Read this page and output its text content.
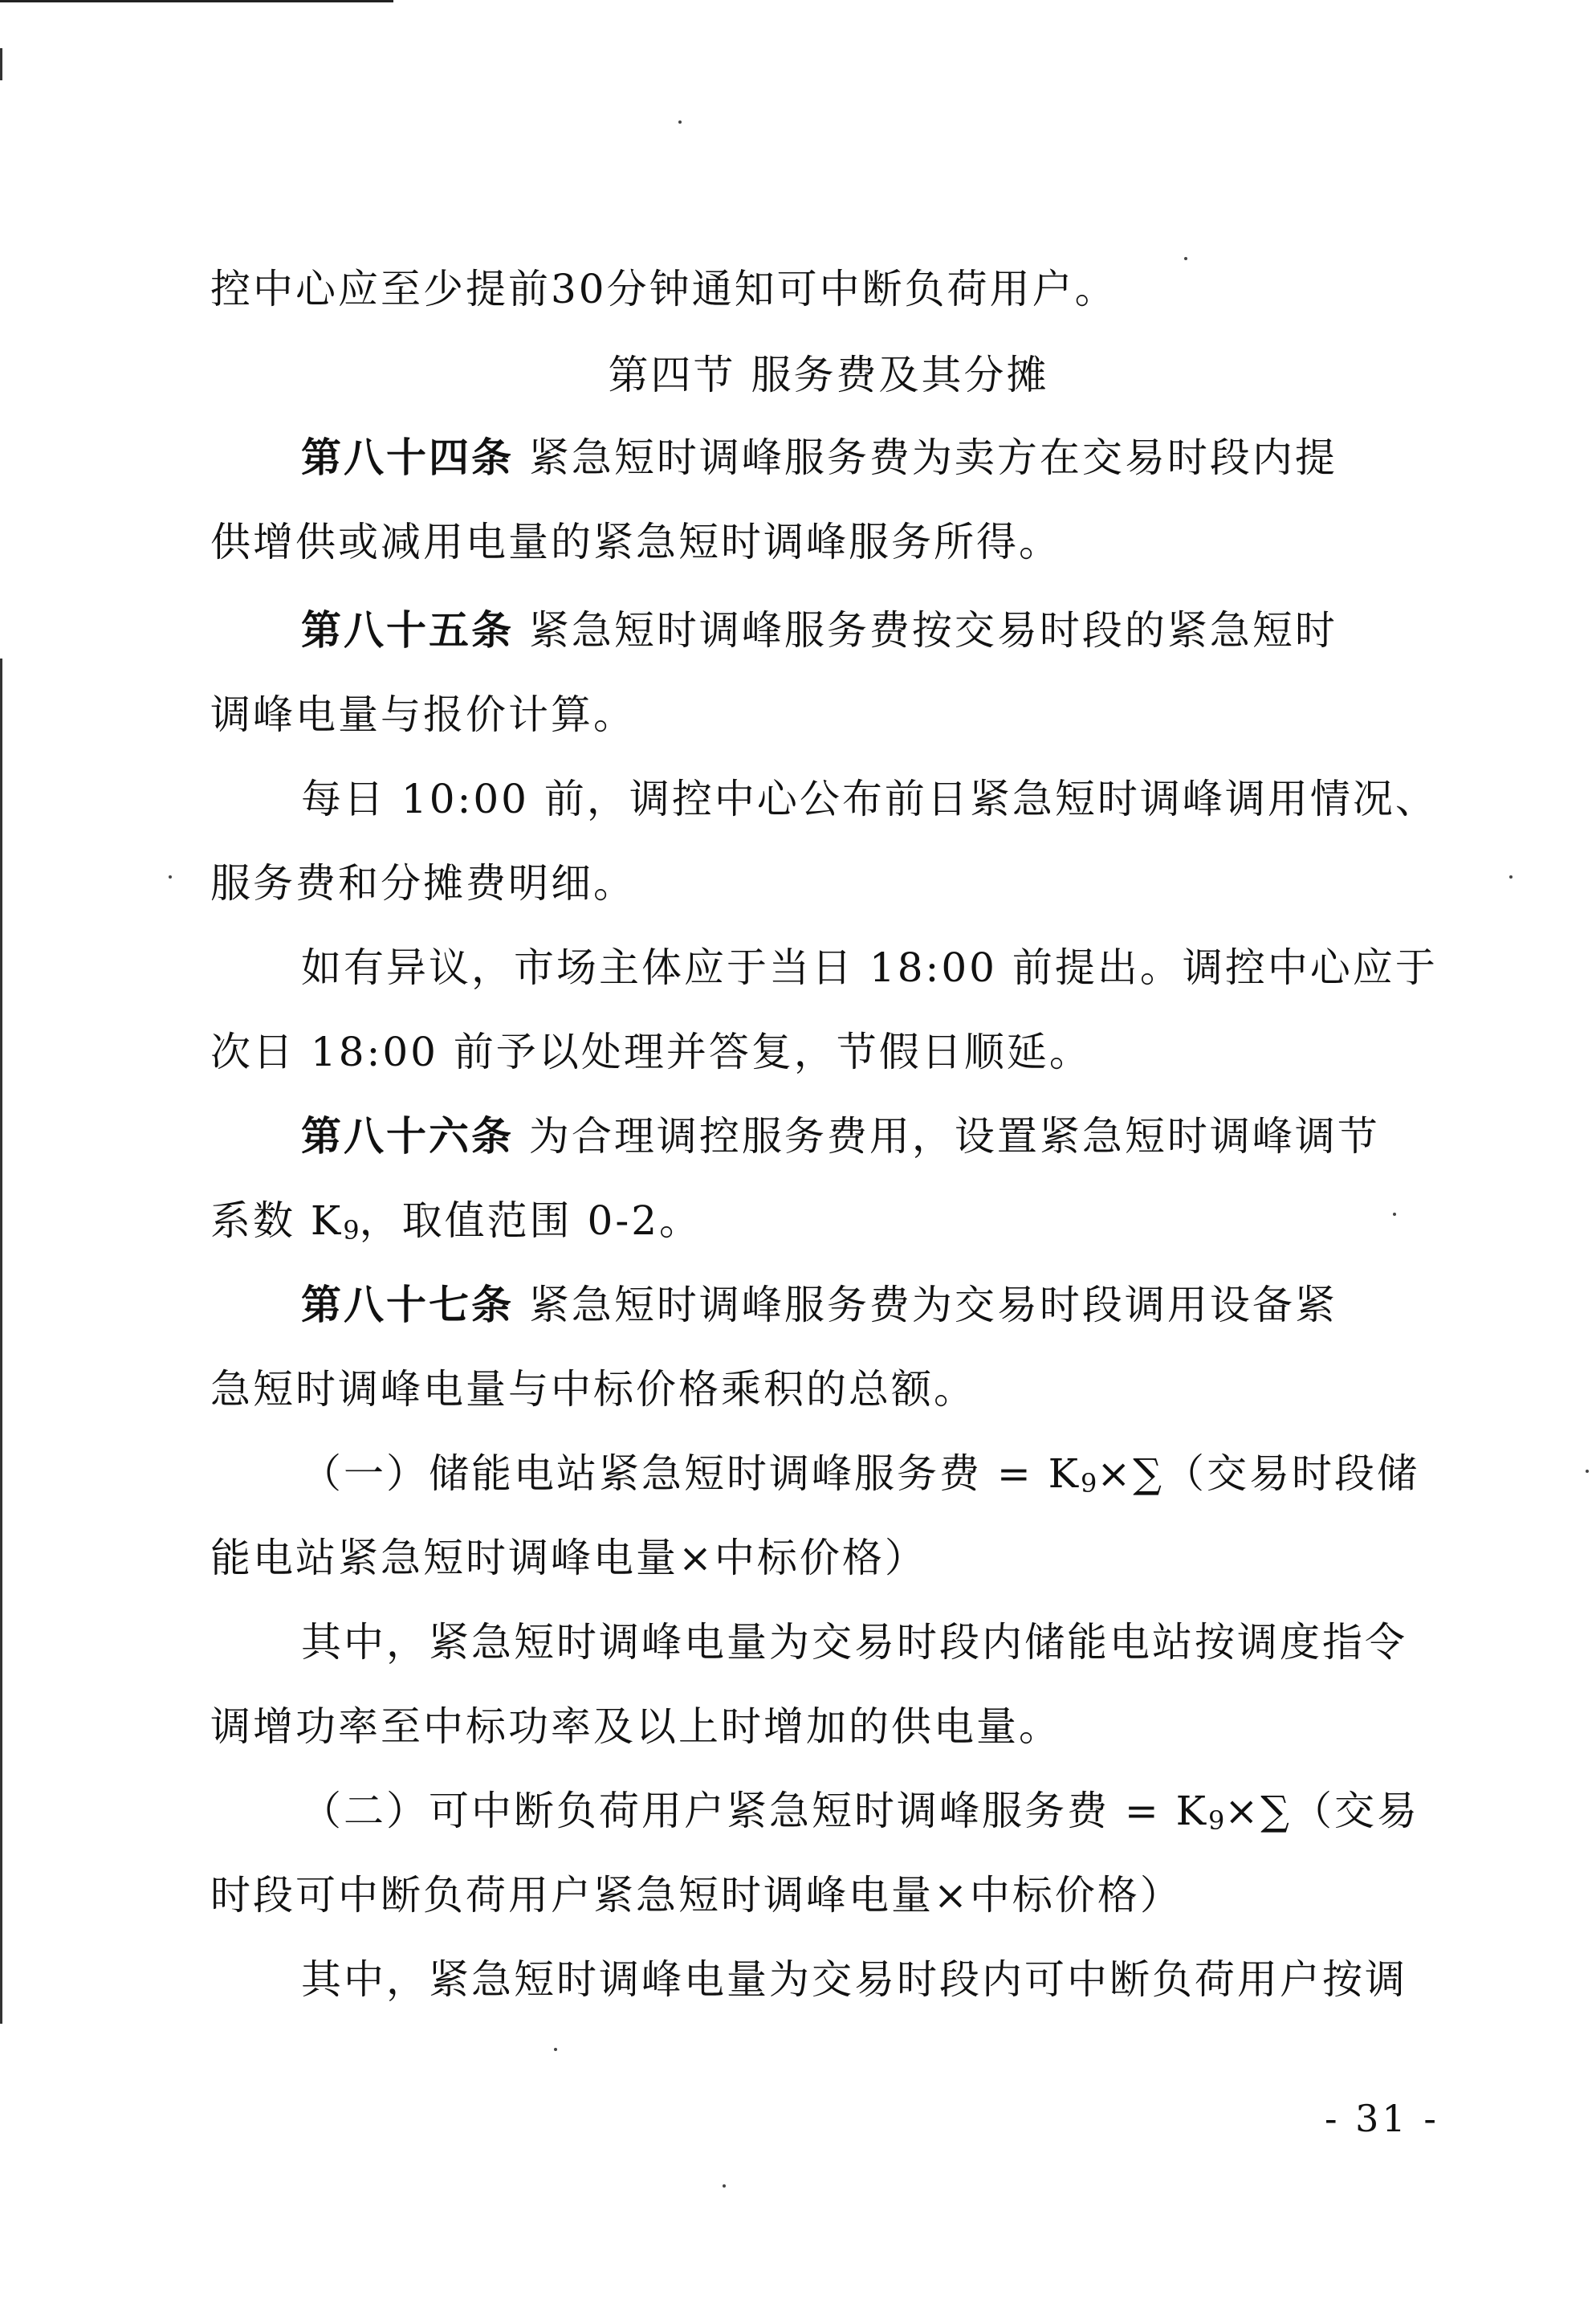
控中心应至少提前30分钟通知可中断负荷用户。
第四节 服务费及其分摊
第八十四条 紧急短时调峰服务费为卖方在交易时段内提
供增供或减用电量的紧急短时调峰服务所得。
第八十五条 紧急短时调峰服务费按交易时段的紧急短时
调峰电量与报价计算。
每日 10:00 前，调控中心公布前日紧急短时调峰调用情况、
服务费和分摊费明细。
如有异议，市场主体应于当日 18:00 前提出。调控中心应于
次日 18:00 前予以处理并答复，节假日顺延。
第八十六条 为合理调控服务费用，设置紧急短时调峰调节
系数 K9，取值范围 0-2。
第八十七条 紧急短时调峰服务费为交易时段调用设备紧
急短时调峰电量与中标价格乘积的总额。
（一）储能电站紧急短时调峰服务费 = K9×∑（交易时段储
能电站紧急短时调峰电量×中标价格）
其中，紧急短时调峰电量为交易时段内储能电站按调度指令
调增功率至中标功率及以上时增加的供电量。
（二）可中断负荷用户紧急短时调峰服务费 = K9×∑（交易
时段可中断负荷用户紧急短时调峰电量×中标价格）
其中，紧急短时调峰电量为交易时段内可中断负荷用户按调
- 31 -
